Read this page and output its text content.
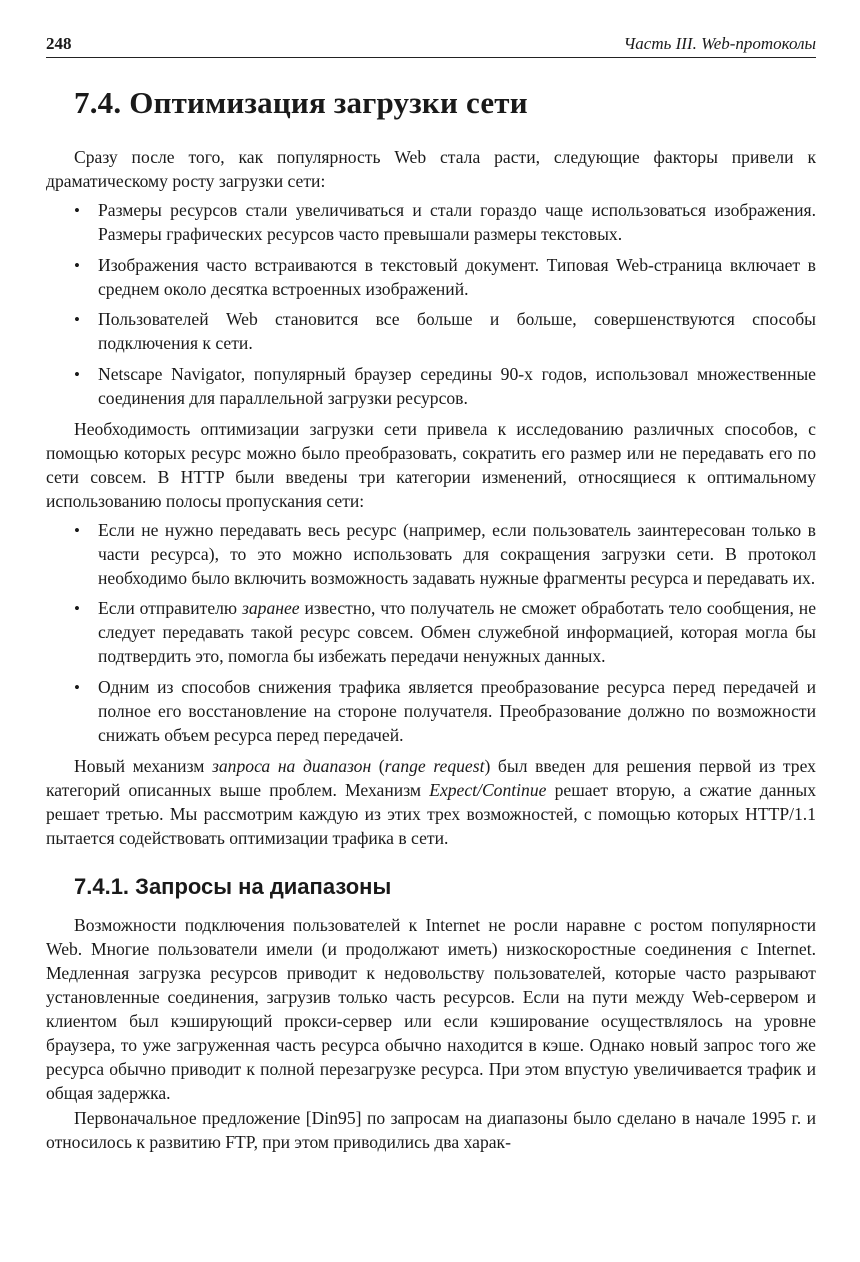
248	Часть III. Web-протоколы
7.4. Оптимизация загрузки сети

Сразу после того, как популярность Web стала расти, следующие факторы привели к драматическому росту загрузки сети:

• Размеры ресурсов стали увеличиваться и стали гораздо чаще использоваться изображения. Размеры графических ресурсов часто превышали размеры текстовых.
• Изображения часто встраиваются в текстовый документ. Типовая Web-страница включает в среднем около десятка встроенных изображений.
• Пользователей Web становится все больше и больше, совершенствуются способы подключения к сети.
• Netscape Navigator, популярный браузер середины 90-х годов, использовал множественные соединения для параллельной загрузки ресурсов.

Необходимость оптимизации загрузки сети привела к исследованию различных способов, с помощью которых ресурс можно было преобразовать, сократить его размер или не передавать его по сети совсем. В HTTP были введены три категории изменений, относящиеся к оптимальному использованию полосы пропускания сети:

• Если не нужно передавать весь ресурс (например, если пользователь заинтересован только в части ресурса), то это можно использовать для сокращения загрузки сети. В протокол необходимо было включить возможность задавать нужные фрагменты ресурса и передавать их.
• Если отправителю заранее известно, что получатель не сможет обработать тело сообщения, не следует передавать такой ресурс совсем. Обмен служебной информацией, которая могла бы подтвердить это, помогла бы избежать передачи ненужных данных.
• Одним из способов снижения трафика является преобразование ресурса перед передачей и полное его восстановление на стороне получателя. Преобразование должно по возможности снижать объем ресурса перед передачей.

Новый механизм запроса на диапазон (range request) был введен для решения первой из трех категорий описанных выше проблем. Механизм Expect/Continue решает вторую, а сжатие данных решает третью. Мы рассмотрим каждую из этих трех возможностей, с помощью которых HTTP/1.1 пытается содействовать оптимизации трафика в сети.

7.4.1. Запросы на диапазоны

Возможности подключения пользователей к Internet не росли наравне с ростом популярности Web. Многие пользователи имели (и продолжают иметь) низкоскоростные соединения с Internet. Медленная загрузка ресурсов приводит к недовольству пользователей, которые часто разрывают установленные соединения, загрузив только часть ресурсов. Если на пути между Web-сервером и клиентом был кэширующий прокси-сервер или если кэширование осуществлялось на уровне браузера, то уже загруженная часть ресурса обычно находится в кэше. Однако новый запрос того же ресурса обычно приводит к полной перезагрузке ресурса. При этом впустую увеличивается трафик и общая задержка.

Первоначальное предложение [Din95] по запросам на диапазоны было сделано в начале 1995 г. и относилось к развитию FTP, при этом приводились два харак-
